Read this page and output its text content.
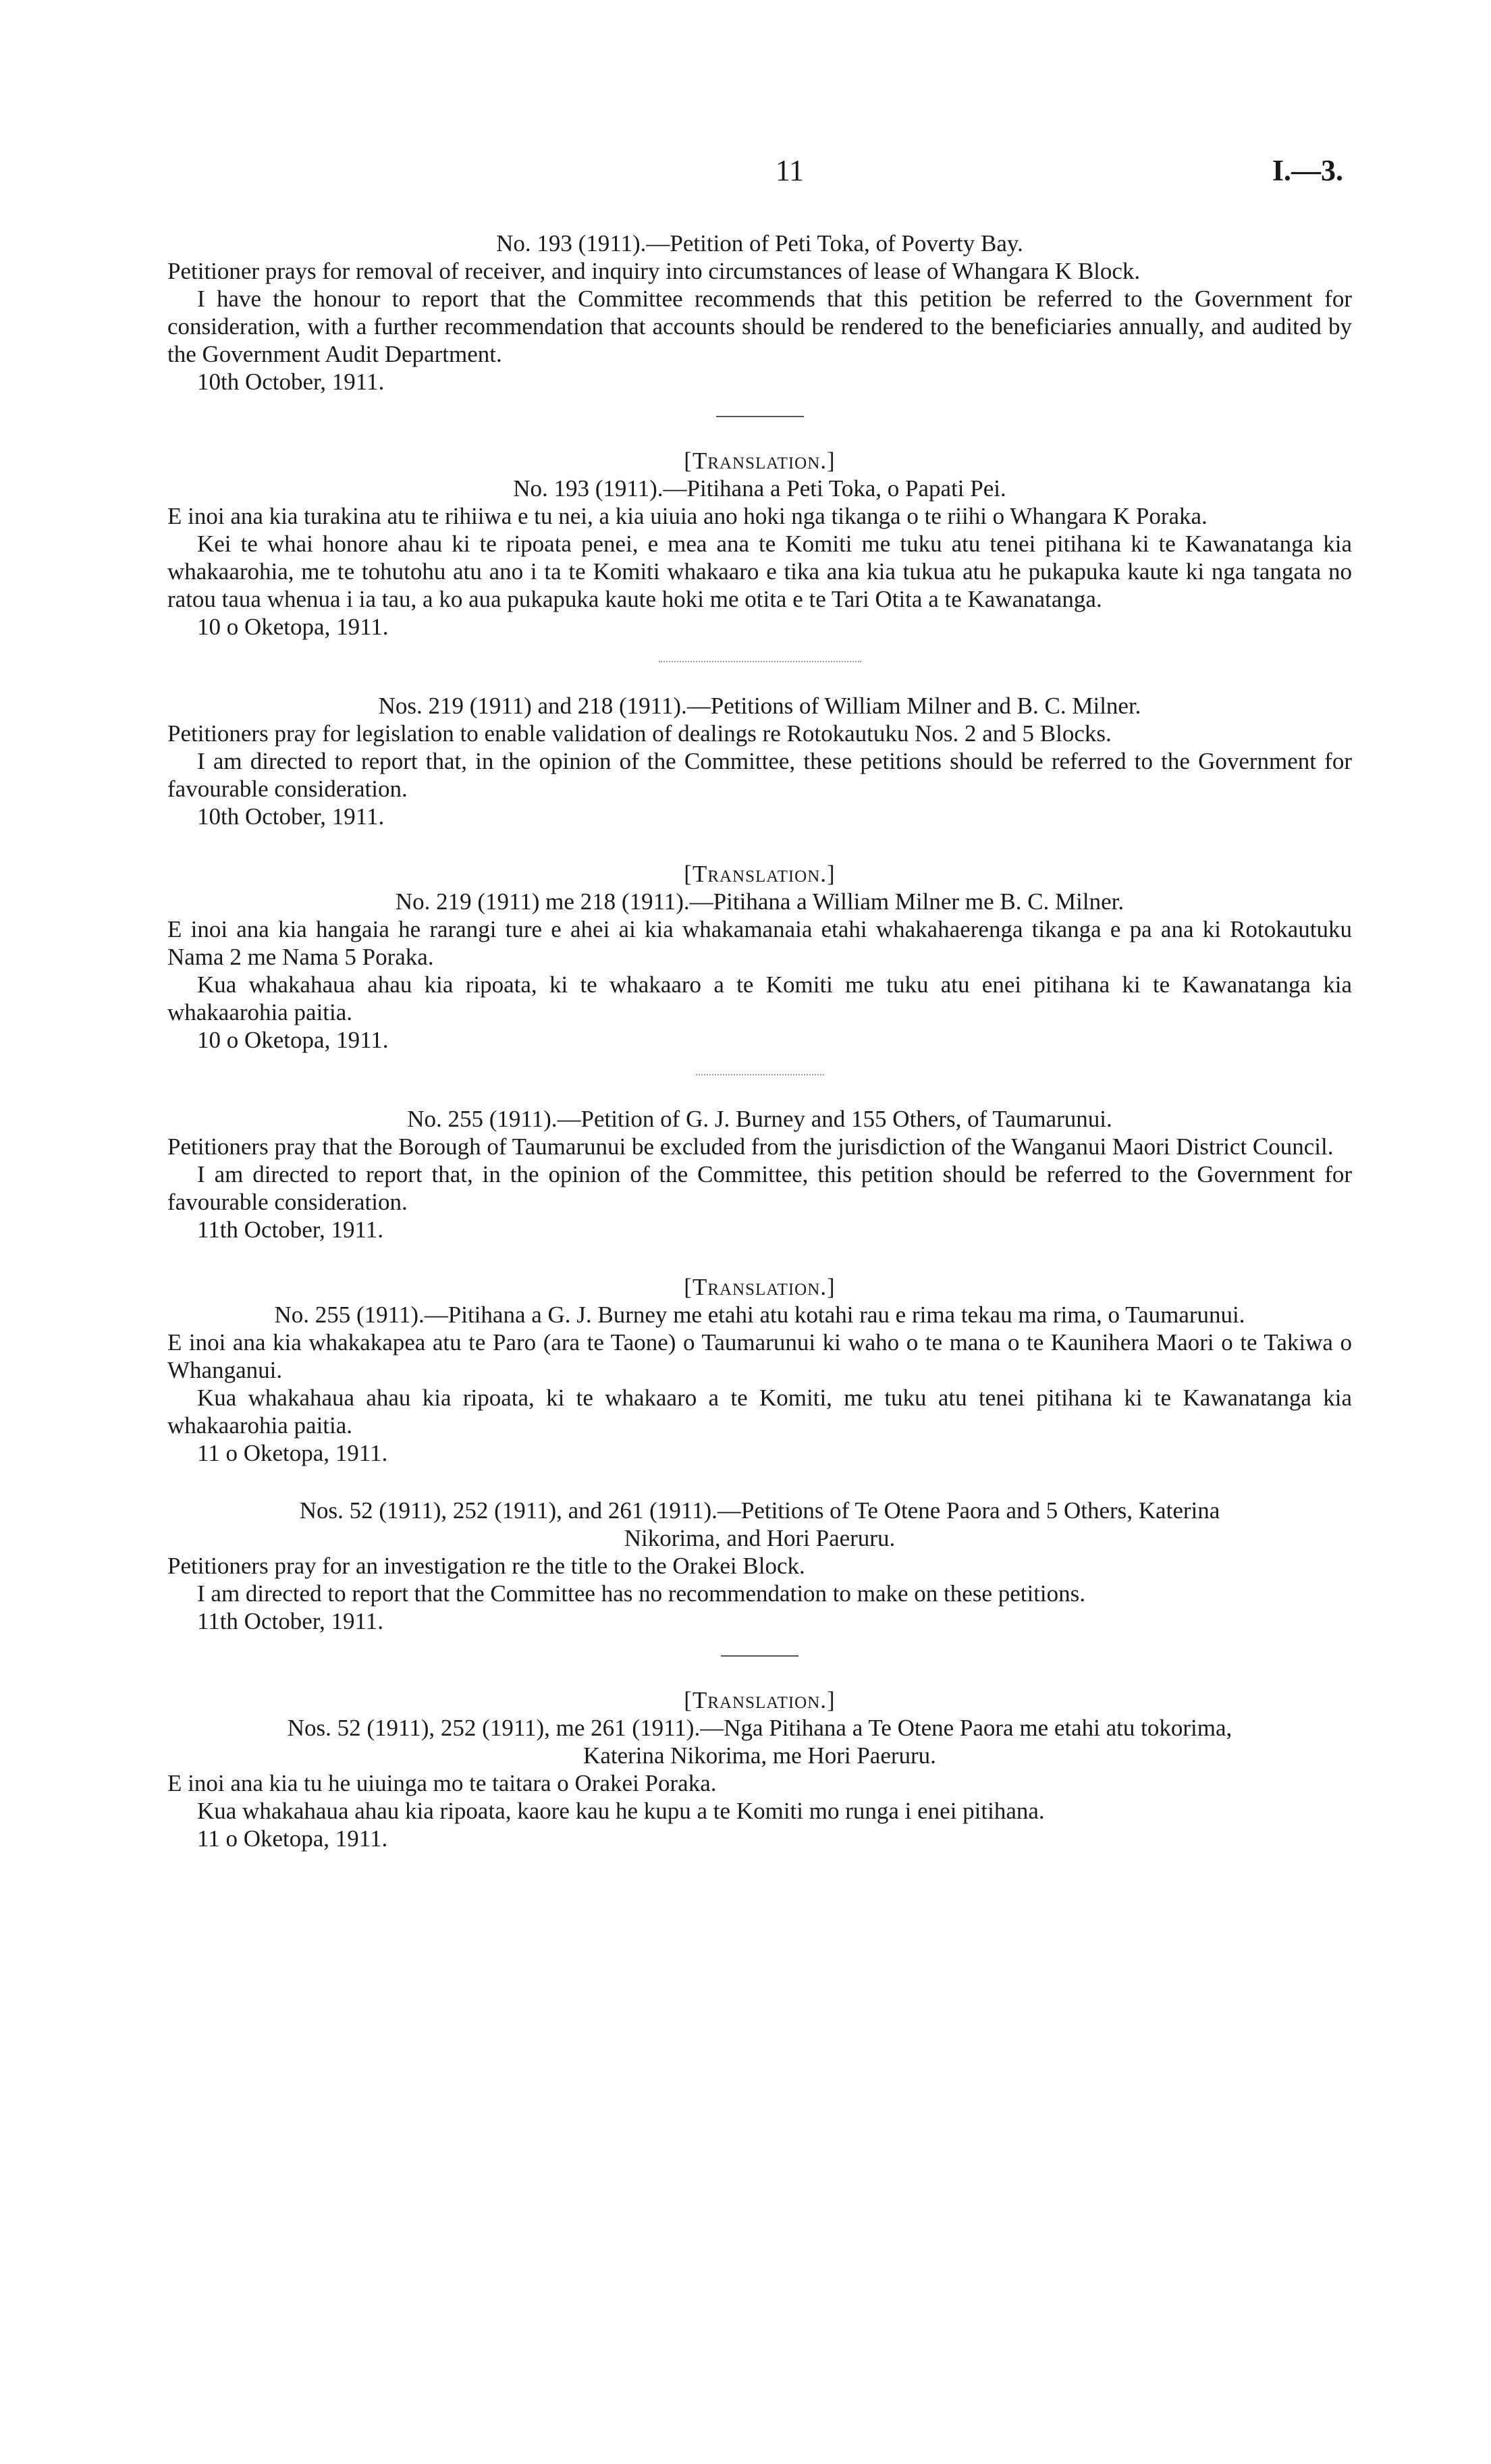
11	I.—3.

No. 193 (1911).—Petition of Peti Toka, of Poverty Bay.

Petitioner prays for removal of receiver, and inquiry into circumstances of lease of Whangara K Block.

I have the honour to report that the Committee recommends that this petition be referred to the Government for consideration, with a further recommendation that accounts should be rendered to the beneficiaries annually, and audited by the Government Audit Department.

10th October, 1911.

[Translation.]

No. 193 (1911).—Pitihana a Peti Toka, o Papati Pei.

E inoi ana kia turakina atu te rihiiwa e tu nei, a kia uiuia ano hoki nga tikanga o te riihi o Whangara K Poraka.

Kei te whai honore ahau ki te ripoata penei, e mea ana te Komiti me tuku atu tenei pitihana ki te Kawanatanga kia whakaarohia, me te tohutohu atu ano i ta te Komiti whakaaro e tika ana kia tukua atu he pukapuka kaute ki nga tangata no ratou taua whenua i ia tau, a ko aua pukapuka kaute hoki me otita e te Tari Otita a te Kawanatanga.

10 o Oketopa, 1911.

Nos. 219 (1911) and 218 (1911).—Petitions of William Milner and B. C. Milner.

Petitioners pray for legislation to enable validation of dealings re Rotokautuku Nos. 2 and 5 Blocks.

I am directed to report that, in the opinion of the Committee, these petitions should be referred to the Government for favourable consideration.

10th October, 1911.

[Translation.]

No. 219 (1911) me 218 (1911).—Pitihana a William Milner me B. C. Milner.

E inoi ana kia hangaia he rarangi ture e ahei ai kia whakamanaia etahi whakahaerenga tikanga e pa ana ki Rotokautuku Nama 2 me Nama 5 Poraka.

Kua whakahaua ahau kia ripoata, ki te whakaaro a te Komiti me tuku atu enei pitihana ki te Kawanatanga kia whakaarohia paitia.

10 o Oketopa, 1911.

No. 255 (1911).—Petition of G. J. Burney and 155 Others, of Taumarunui.

Petitioners pray that the Borough of Taumarunui be excluded from the jurisdiction of the Wanganui Maori District Council.

I am directed to report that, in the opinion of the Committee, this petition should be referred to the Government for favourable consideration.

11th October, 1911.

[Translation.]

No. 255 (1911).—Pitihana a G. J. Burney me etahi atu kotahi rau e rima tekau ma rima, o Taumarunui.

E inoi ana kia whakakapea atu te Paro (ara te Taone) o Taumarunui ki waho o te mana o te Kaunihera Maori o te Takiwa o Whanganui.

Kua whakahaua ahau kia ripoata, ki te whakaaro a te Komiti, me tuku atu tenei pitihana ki te Kawanatanga kia whakaarohia paitia.

11 o Oketopa, 1911.

Nos. 52 (1911), 252 (1911), and 261 (1911).—Petitions of Te Otene Paora and 5 Others, Katerina Nikorima, and Hori Paeruru.

Petitioners pray for an investigation re the title to the Orakei Block.

I am directed to report that the Committee has no recommendation to make on these petitions.

11th October, 1911.

[Translation.]

Nos. 52 (1911), 252 (1911), me 261 (1911).—Nga Pitihana a Te Otene Paora me etahi atu tokorima, Katerina Nikorima, me Hori Paeruru.

E inoi ana kia tu he uiuinga mo te taitara o Orakei Poraka.

Kua whakahaua ahau kia ripoata, kaore kau he kupu a te Komiti mo runga i enei pitihana.

11 o Oketopa, 1911.
